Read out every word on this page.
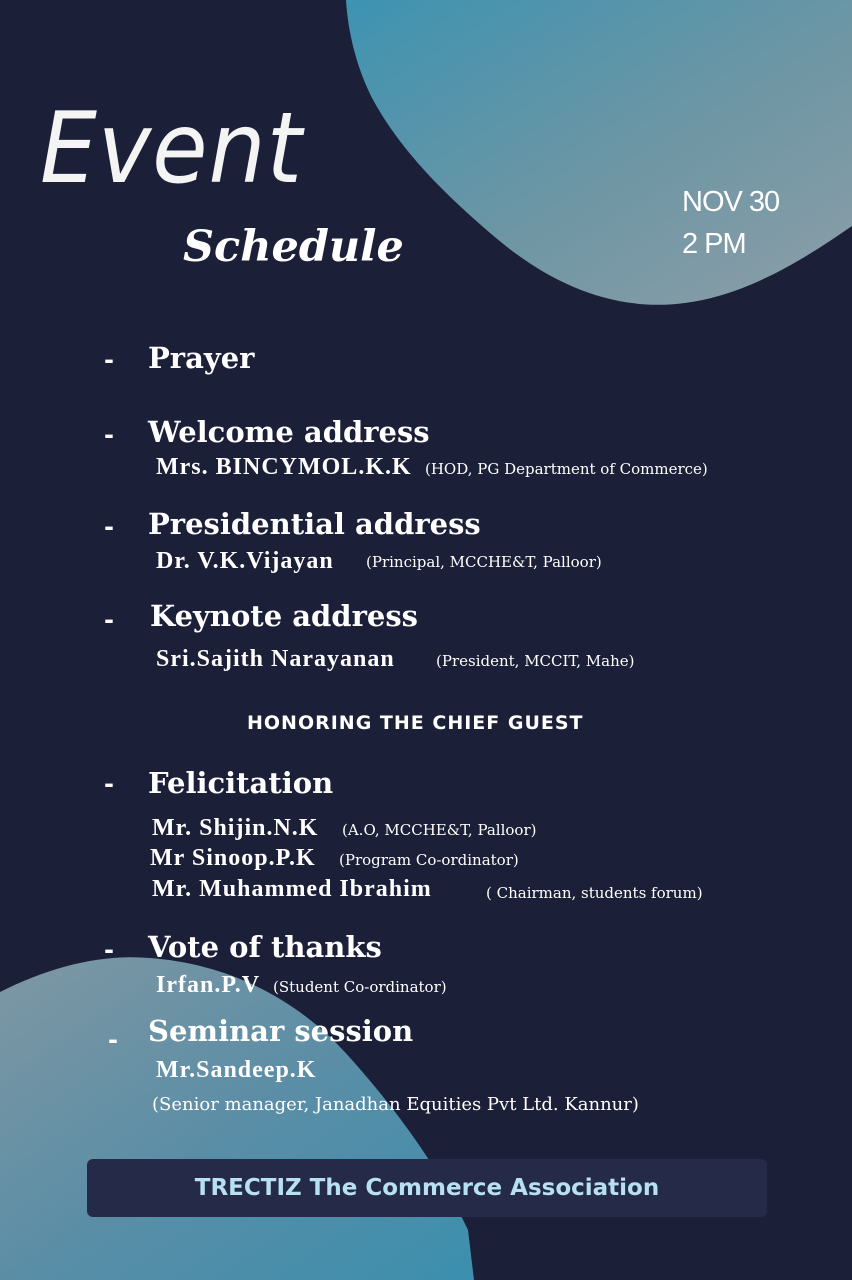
Event
Schedule
NOV 30
2 PM
- Prayer
- Welcome address
Mrs. BINCYMOL.K.K (HOD, PG Department of Commerce)
- Presidential address
Dr. V.K.Vijayan (Principal, MCCHE&T, Palloor)
- Keynote address
Sri.Sajith Narayanan	(President, MCCIT, Mahe)
HONORING THE CHIEF GUEST
- Felicitation
Mr. Shijin.N.K (A.O, MCCHE&T, Palloor)
Mr Sinoop.P.K (Program Co-ordinator)
Mr. Muhammed Ibrahim	( Chairman, students forum)
- Vote of thanks
Irfan.P.V (Student Co-ordinator)
- Seminar session
Mr.Sandeep.K
(Senior manager, Janadhan Equities Pvt Ltd. Kannur)
TRECTIZ The Commerce Association
